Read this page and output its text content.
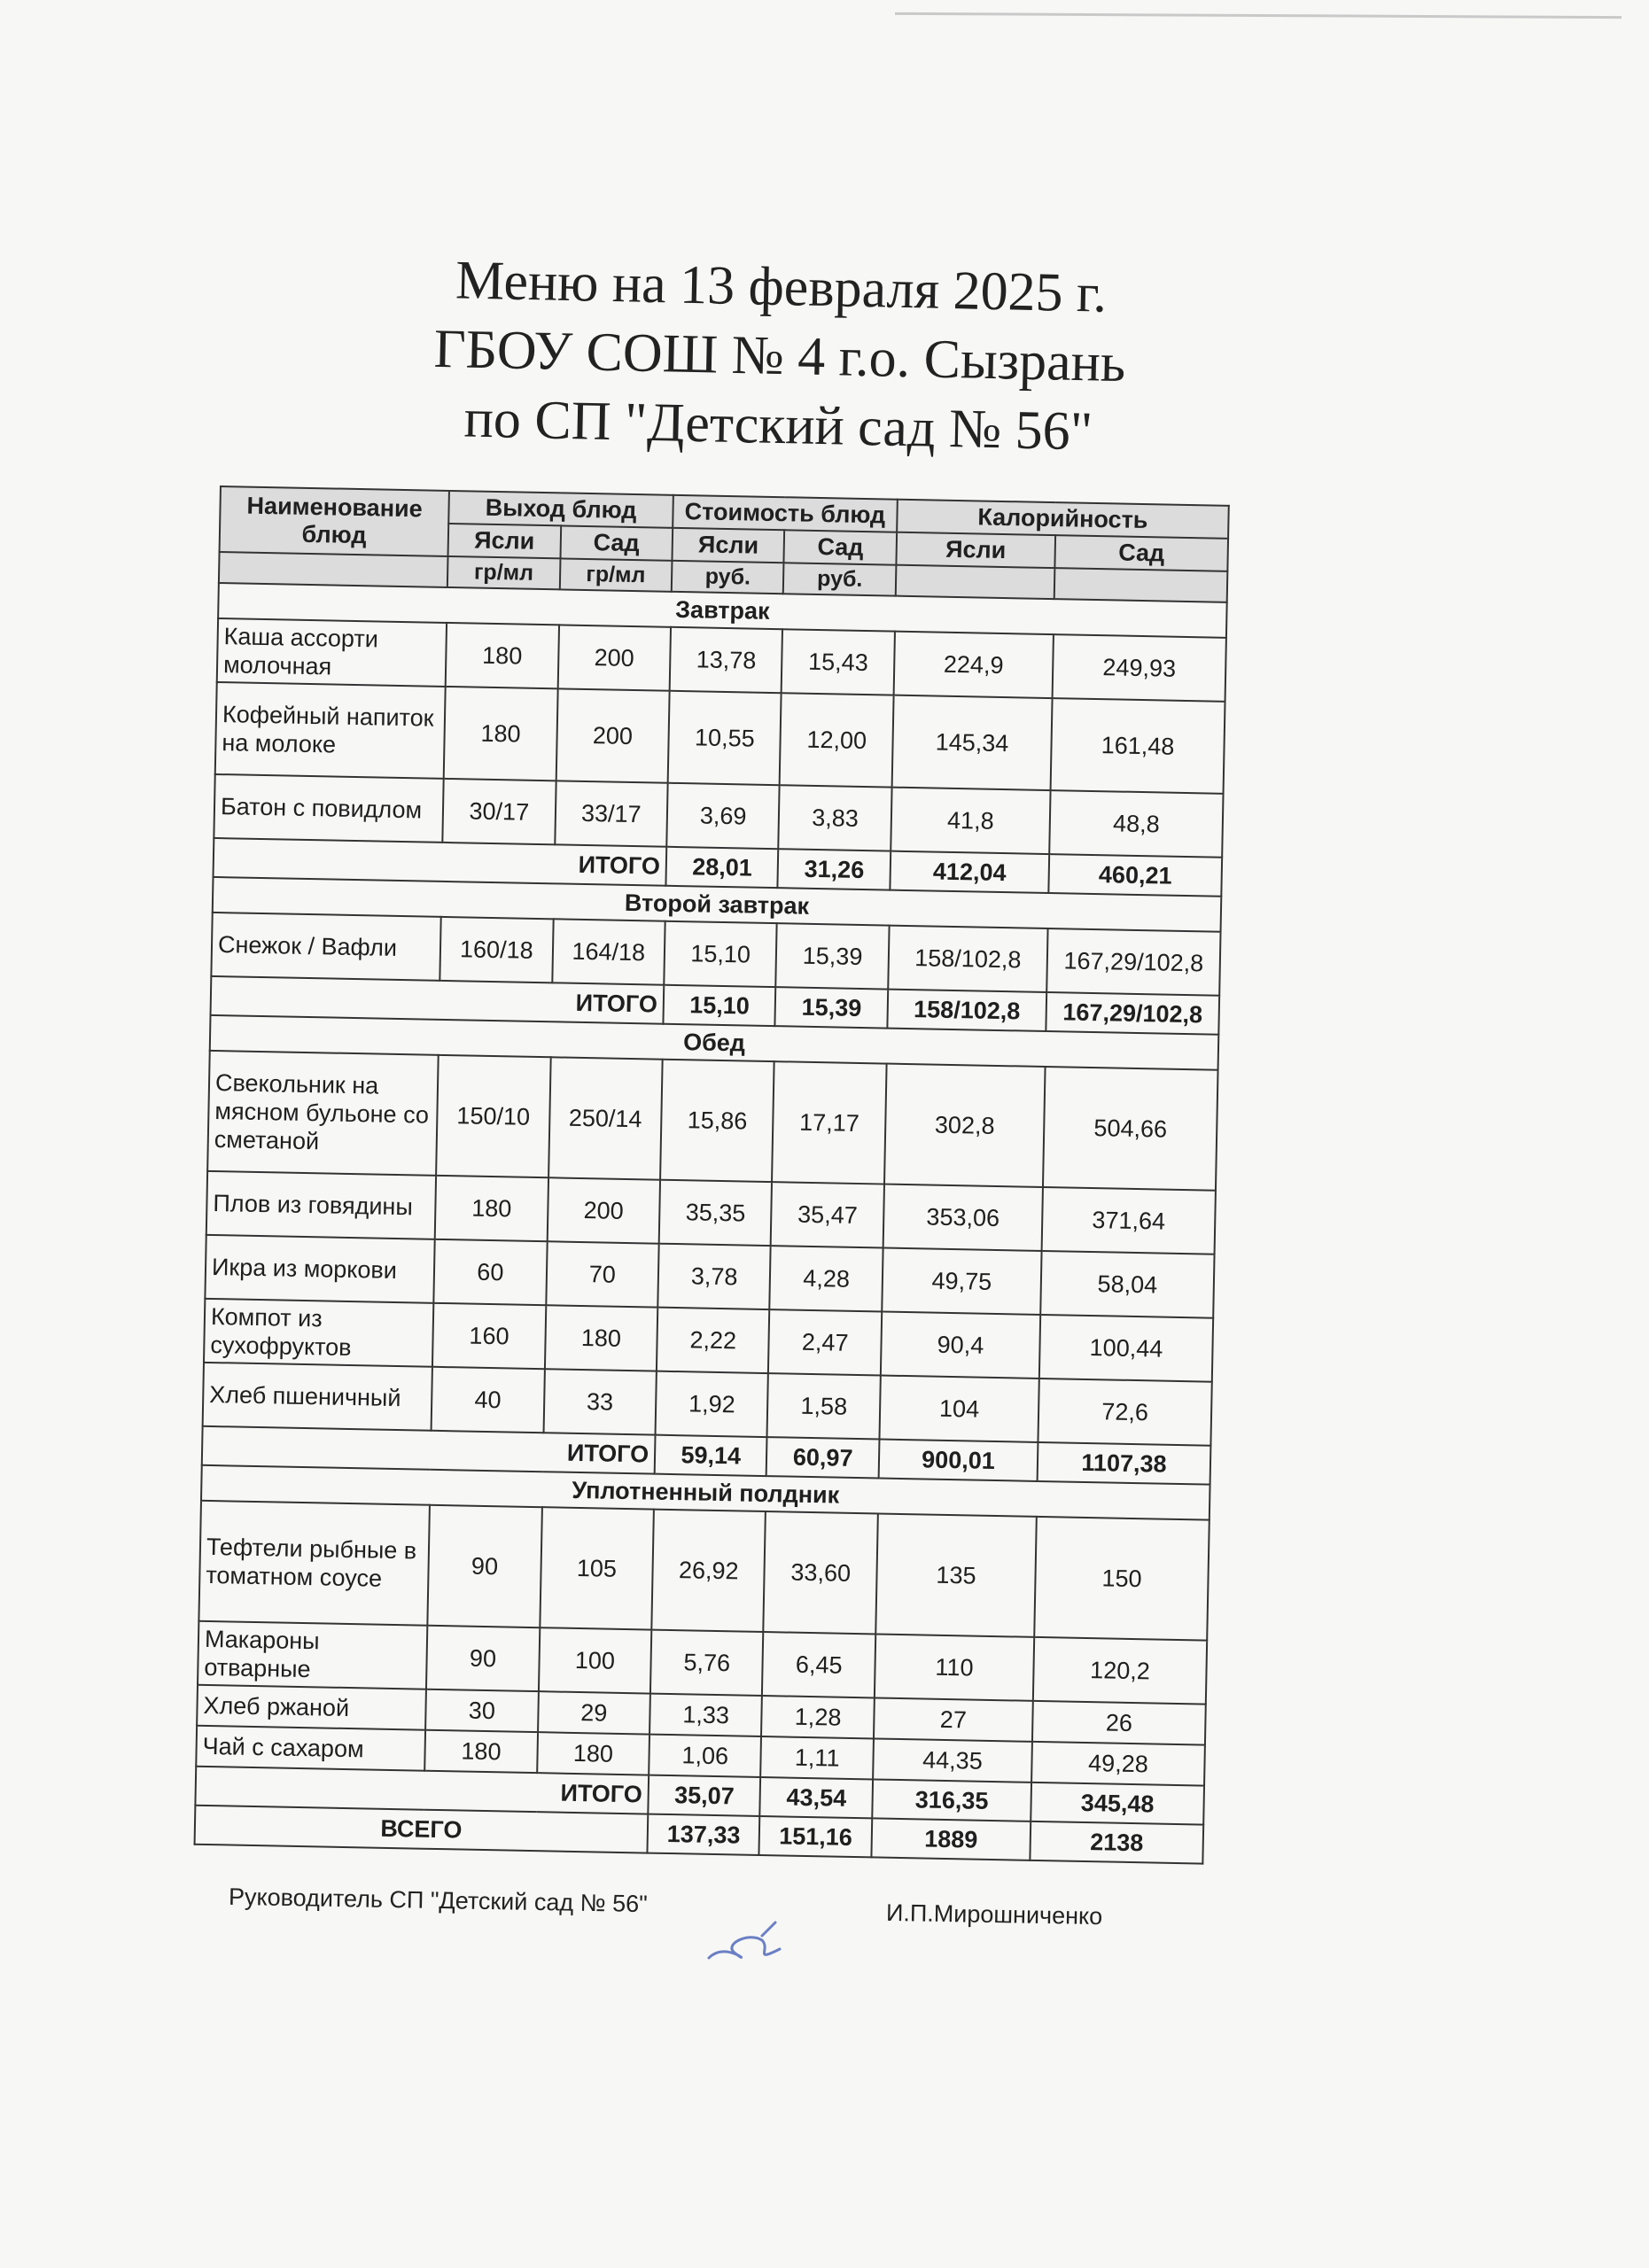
Меню на 13 февраля 2025 г.
ГБОУ СОШ № 4 г.о. Сызрань
по СП "Детский сад № 56"
Наименование блюд	Выход блюд		Стоимость блюд		Калорийность	
	Ясли	Сад	Ясли	Сад	Ясли	Сад
	гр/мл	гр/мл	руб.	руб.		
Завтрак						
Каша ассорти молочная	180	200	13,78	15,43	224,9	249,93
Кофейный напиток на молоке	180	200	10,55	12,00	145,34	161,48
Батон с повидлом	30/17	33/17	3,69	3,83	41,8	48,8
ИТОГО			28,01	31,26	412,04	460,21
Второй завтрак						
Снежок / Вафли	160/18	164/18	15,10	15,39	158/102,8	167,29/102,8
ИТОГО			15,10	15,39	158/102,8	167,29/102,8
Обед						
Свекольник на мясном бульоне со сметаной	150/10	250/14	15,86	17,17	302,8	504,66
Плов из говядины	180	200	35,35	35,47	353,06	371,64
Икра из моркови	60	70	3,78	4,28	49,75	58,04
Компот из сухофруктов	160	180	2,22	2,47	90,4	100,44
Хлеб пшеничный	40	33	1,92	1,58	104	72,6
ИТОГО			59,14	60,97	900,01	1107,38
Уплотненный полдник						
Тефтели рыбные в томатном соусе	90	105	26,92	33,60	135	150
Макароны отварные	90	100	5,76	6,45	110	120,2
Хлеб ржаной	30	29	1,33	1,28	27	26
Чай с сахаром	180	180	1,06	1,11	44,35	49,28
ИТОГО			35,07	43,54	316,35	345,48
ВСЕГО			137,33	151,16	1889	2138
Руководитель СП "Детский сад № 56"	И.П.Мирошниченко
